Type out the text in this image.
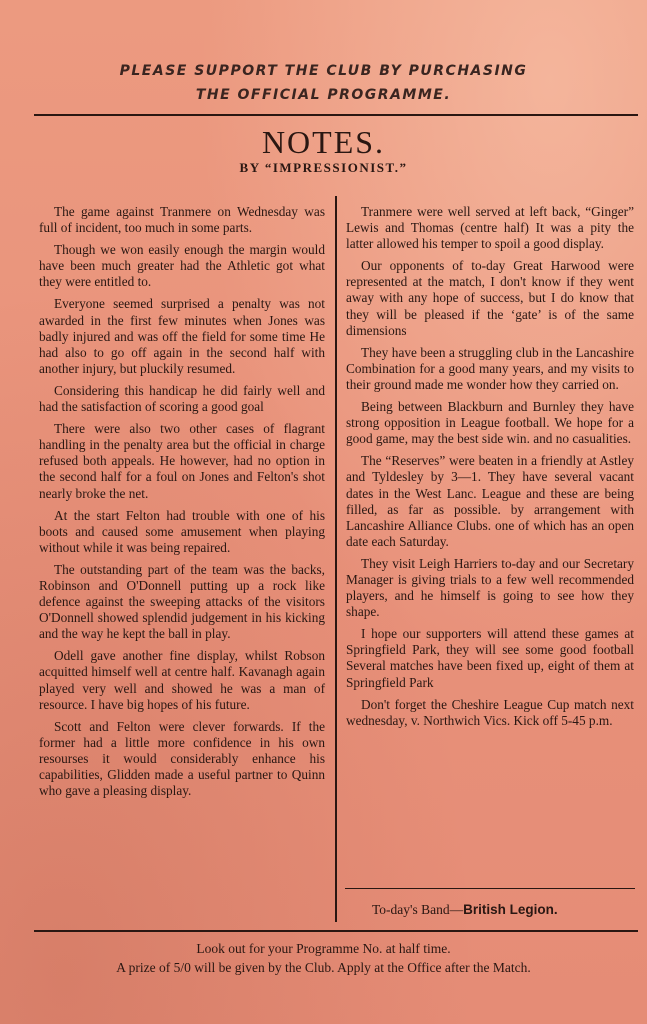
PLEASE SUPPORT THE CLUB BY PURCHASING
THE OFFICIAL PROGRAMME.
NOTES.
BY “IMPRESSIONIST.”

The game against Tranmere on Wednesday was full of incident, too much in some parts.

Though we won easily enough the margin would have been much greater had the Athletic got what they were entitled to.

Everyone seemed surprised a penalty was not awarded in the first few minutes when Jones was badly injured and was off the field for some time He had also to go off again in the second half with another injury, but pluckily resumed.

Considering this handicap he did fairly well and had the satisfaction of scoring a good goal

There were also two other cases of flagrant handling in the penalty area but the official in charge refused both appeals. He however, had no option in the second half for a foul on Jones and Felton's shot nearly broke the net.

At the start Felton had trouble with one of his boots and caused some amusement when playing without while it was being repaired.

The outstanding part of the team was the backs, Robinson and O'Donnell putting up a rock like defence against the sweeping attacks of the visitors O'Donnell showed splendid judgement in his kicking and the way he kept the ball in play.

Odell gave another fine display, whilst Robson acquitted himself well at centre half. Kavanagh again played very well and showed he was a man of resource. I have big hopes of his future.

Scott and Felton were clever forwards. If the former had a little more confidence in his own resourses it would considerably enhance his capabilities, Glidden made a useful partner to Quinn who gave a pleasing display.

Tranmere were well served at left back, “Ginger” Lewis and Thomas (centre half) It was a pity the latter allowed his temper to spoil a good display.

Our opponents of to-day Great Harwood were represented at the match, I don't know if they went away with any hope of success, but I do know that they will be pleased if the ‘gate’ is of the same dimensions

They have been a struggling club in the Lancashire Combination for a good many years, and my visits to their ground made me wonder how they carried on.

Being between Blackburn and Burnley they have strong opposition in League football. We hope for a good game, may the best side win. and no casualities.

The “Reserves” were beaten in a friendly at Astley and Tyldesley by 3—1. They have several vacant dates in the West Lanc. League and these are being filled, as far as possible. by arrangement with Lancashire Alliance Clubs. one of which has an open date each Saturday.

They visit Leigh Harriers to-day and our Secretary Manager is giving trials to a few well recommended players, and he himself is going to see how they shape.

I hope our supporters will attend these games at Springfield Park, they will see some good football Several matches have been fixed up, eight of them at Springfield Park

Don't forget the Cheshire League Cup match next wednesday, v. Northwich Vics. Kick off 5-45 p.m.

To-day's Band—British Legion.
Look out for your Programme No. at half time.
A prize of 5/0 will be given by the Club. Apply at the Office after the Match.
